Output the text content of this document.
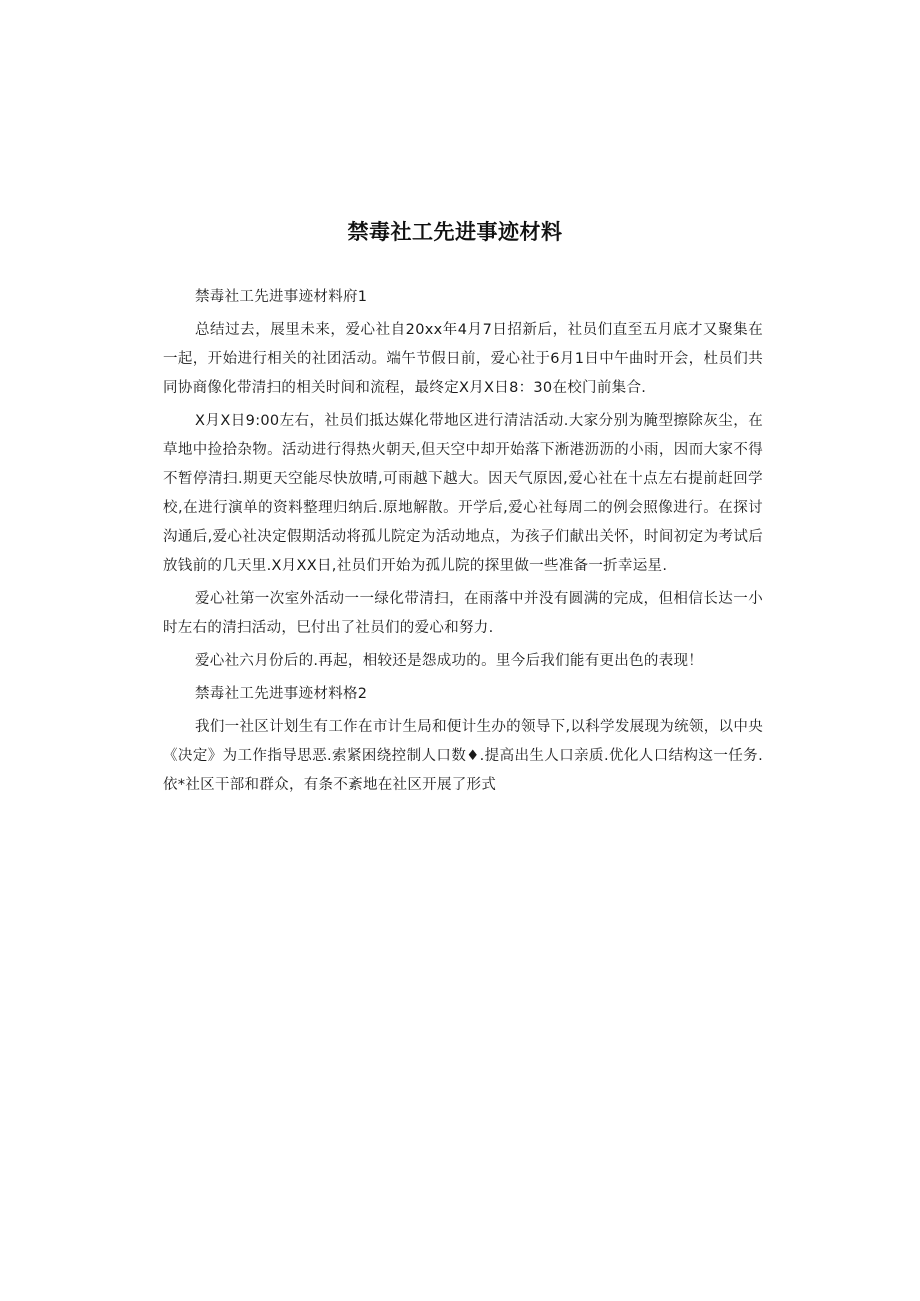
禁毒社工先进事迹材料
禁毒社工先进事迹材料府1

总结过去，展里未来，爱心社自20xx年4月7日招新后，社员们直至五月底才又聚集在一起，开始进行相关的社团活动。端午节假日前，爱心社于6月1日中午曲时开会，杜员们共同协商像化带清扫的相关时间和流程，最终定X月X日8：30在校门前集合.

X月X日9:00左右，社员们抵达媒化带地区进行清洁活动.大家分别为腌型擦除灰尘，在草地中捡拾杂物。活动进行得热火朝天,但天空中却开始落下淅港沥沥的小雨，因而大家不得不暂停清扫.期更天空能尽快放晴,可雨越下越大。因天气原因,爱心社在十点左右提前赶回学校,在进行演单的资料整理归纳后.原地解散。开学后,爱心社每周二的例会照像进行。在探讨沟通后,爱心社决定假期活动将孤儿院定为活动地点，为孩子们献出关怀，时间初定为考试后放钱前的几天里.X月XX日,社员们开始为孤儿院的探里做一些准备一折幸运星.

爱心社第一次室外活动一一绿化带清扫，在雨落中并没有圆满的完成，但相信长达一小时左右的清扫活动，巳付出了社员们的爱心和努力.

爱心社六月份后的.再起，相较还是怨成功的。里今后我们能有更出色的表现！

禁毒社工先进事迹材料格2

我们一社区计划生有工作在市计生局和便计生办的领导下,以科学发展现为统领，以中央《决定》为工作指导思恶.索紧困绕控制人口数♦.提高出生人口亲质.优化人口结构这一任务.依*社区干部和群众，有条不紊地在社区开展了形式
